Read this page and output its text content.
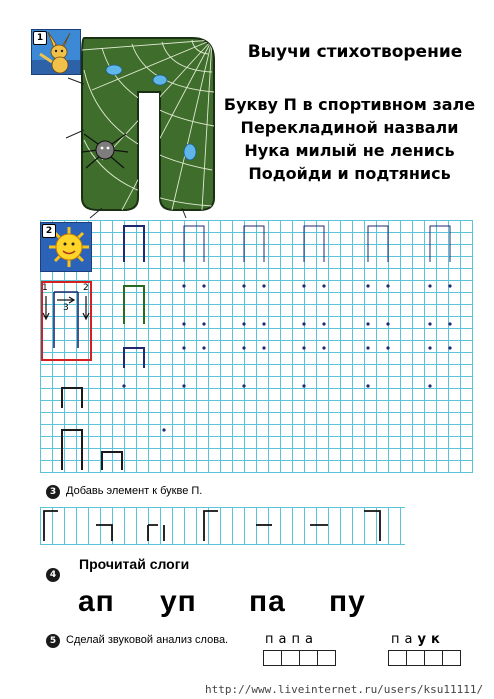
1
Выучи стихотворение
Букву П в спортивном зале
Перекладиной назвали
Нука милый не ленись
Подойди и подтянись
2
1	2
3
3 Добавь элемент к букве П.
4
Прочитай слоги
ап уп па пу
5 Сделай звуковой анализ слова.	папа	паук
http://www.liveinternet.ru/users/ksu11111/
